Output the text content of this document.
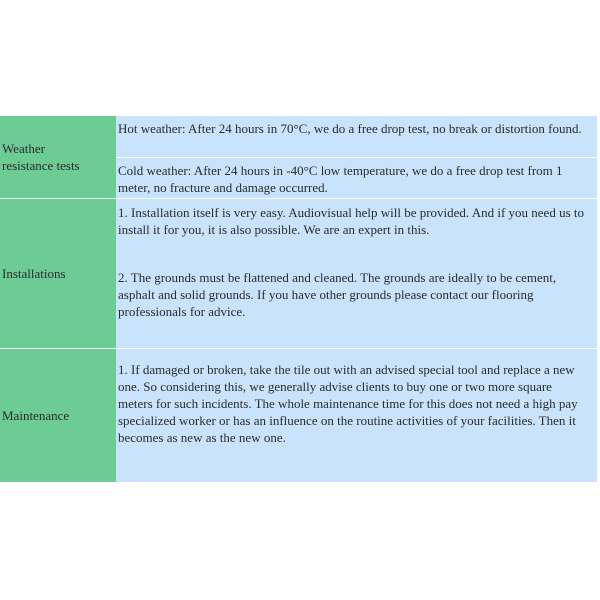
Weather resistance tests
Hot weather: After 24 hours in 70°C, we do a free drop test, no break or distortion found.
Cold weather: After 24 hours in -40°C low temperature, we do a free drop test from 1 meter, no fracture and damage occurred.
Installations
1. Installation itself is very easy. Audiovisual help will be provided. And if you need us to install it for you, it is also possible. We are an expert in this.
2. The grounds must be flattened and cleaned. The grounds are ideally to be cement, asphalt and solid grounds. If you have other grounds please contact our flooring professionals for advice.
Maintenance
1. If damaged or broken, take the tile out with an advised special tool and replace a new one. So considering this, we generally advise clients to buy one or two more square meters for such incidents. The whole maintenance time for this does not need a high pay specialized worker or has an influence on the routine activities of your facilities. Then it becomes as new as the new one.
